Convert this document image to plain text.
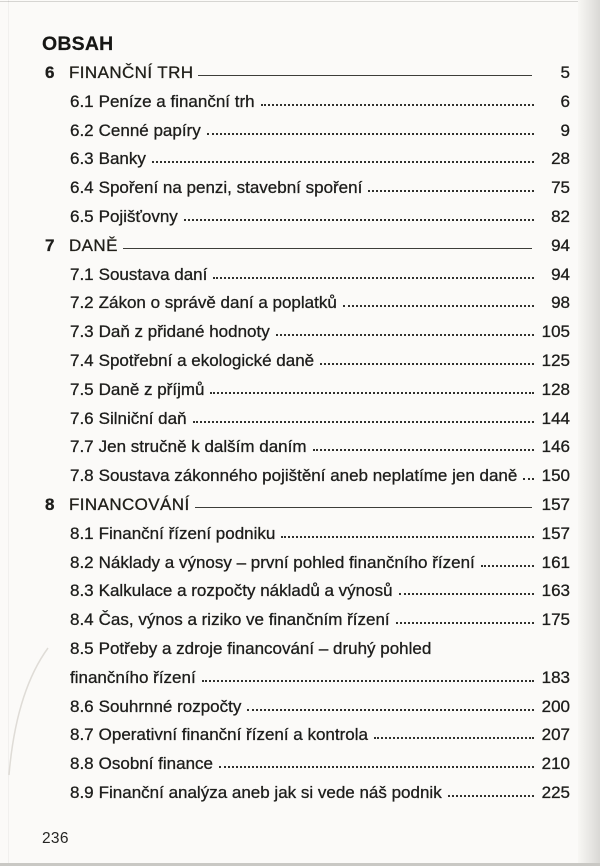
OBSAH
6 FINANČNÍ TRH	5
6.1 Peníze a finanční trh	6
6.2 Cenné papíry	9
6.3 Banky	28
6.4 Spoření na penzi, stavební spoření	75
6.5 Pojišťovny	82
7 DANĚ	94
7.1 Soustava daní	94
7.2 Zákon o správě daní a poplatků	98
7.3 Daň z přidané hodnoty	105
7.4 Spotřební a ekologické daně	125
7.5 Daně z příjmů	128
7.6 Silniční daň	144
7.7 Jen stručně k dalším daním	146
7.8 Soustava zákonného pojištění aneb neplatíme jen daně 150
8 FINANCOVÁNÍ	157
8.1 Finanční řízení podniku	157
8.2 Náklady a výnosy – první pohled finančního řízení	161
8.3 Kalkulace a rozpočty nákladů a výnosů	163
8.4 Čas, výnos a riziko ve finančním řízení	175
8.5 Potřeby a zdroje financování – druhý pohled
finančního řízení	183
8.6 Souhrnné rozpočty	200
8.7 Operativní finanční řízení a kontrola	207
8.8 Osobní finance	210
8.9 Finanční analýza aneb jak si vede náš podnik	225
236
